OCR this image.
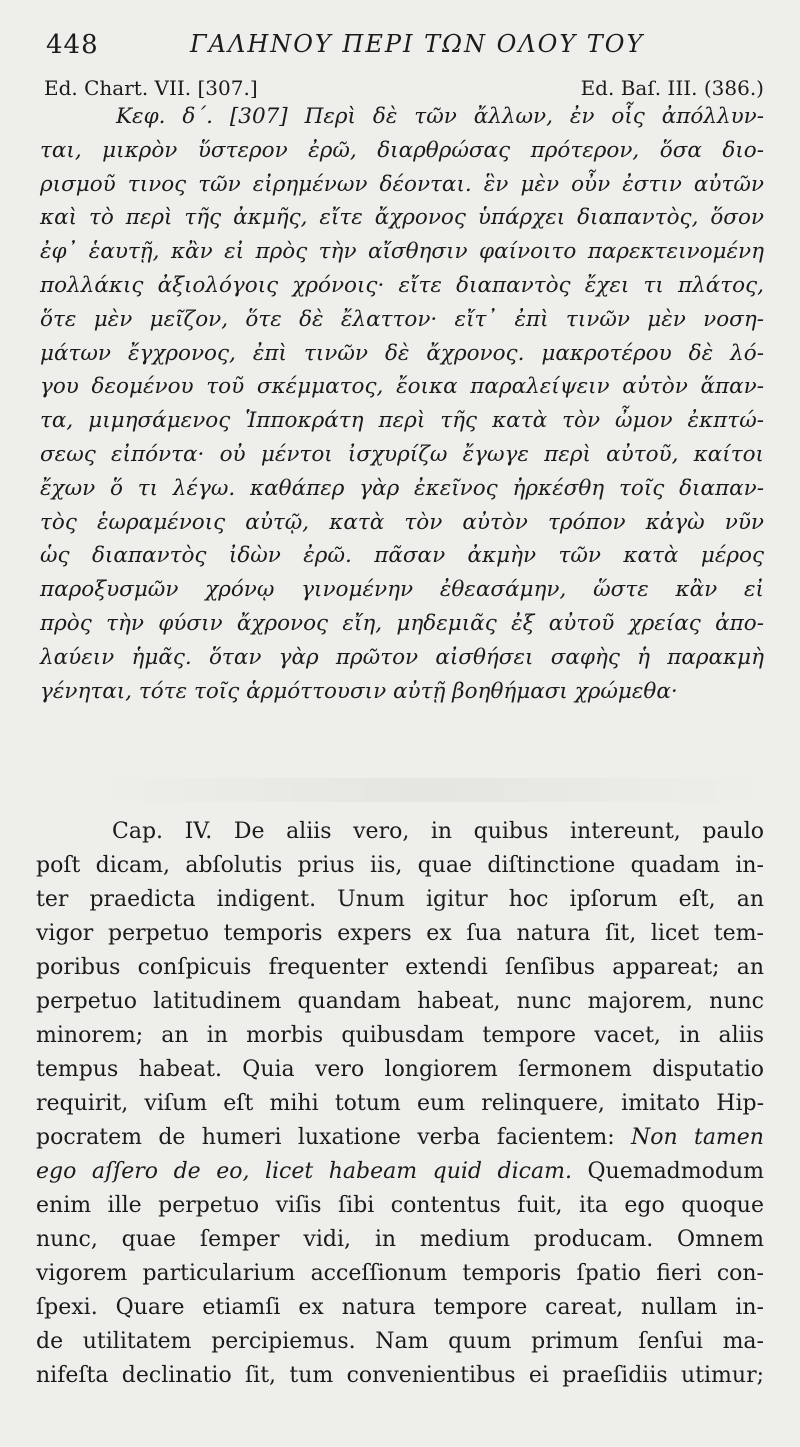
448	ΓΑΛΗΝΟΥ ΠΕΡΙ ΤΩΝ ΟΛΟΥ ΤΟΥ
Ed. Chart. VII. [307.]	Ed. Baſ. III. (386.)
Κεφ. δ΄. [307] Περὶ δὲ τῶν ἄλλων, ἐν οἷς ἀπόλλυν-
ται, μικρὸν ὕστερον ἐρῶ, διαρθρώσας πρότερον, ὅσα διο-
ρισμοῦ τινος τῶν εἰρημένων δέονται. ἓν μὲν οὖν ἐστιν αὐτῶν
καὶ τὸ περὶ τῆς ἀκμῆς, εἴτε ἄχρονος ὑπάρχει διαπαντὸς, ὅσον
ἐφ᾽ ἑαυτῇ, κἂν εἰ πρὸς τὴν αἴσθησιν φαίνοιτο παρεκτεινομένη
πολλάκις ἀξιολόγοις χρόνοις· εἴτε διαπαντὸς ἔχει τι πλάτος,
ὅτε μὲν μεῖζον, ὅτε δὲ ἔλαττον· εἴτ᾽ ἐπὶ τινῶν μὲν νοση-
μάτων ἔγχρονος, ἐπὶ τινῶν δὲ ἄχρονος. μακροτέρου δὲ λό-
γου δεομένου τοῦ σκέμματος, ἔοικα παραλείψειν αὐτὸν ἅπαν-
τα, μιμησάμενος Ἱπποκράτη περὶ τῆς κατὰ τὸν ὦμον ἐκπτώ-
σεως εἰπόντα· οὐ μέντοι ἰσχυρίζω ἔγωγε περὶ αὐτοῦ, καίτοι
ἔχων ὅ τι λέγω. καθάπερ γὰρ ἐκεῖνος ἠρκέσθη τοῖς διαπαν-
τὸς ἑωραμένοις αὐτῷ, κατὰ τὸν αὐτὸν τρόπον κἀγὼ νῦν
ὡς διαπαντὸς ἰδὼν ἐρῶ. πᾶσαν ἀκμὴν τῶν κατὰ μέρος
παροξυσμῶν χρόνῳ γινομένην ἐθεασάμην, ὥστε κἂν εἰ
πρὸς τὴν φύσιν ἄχρονος εἴη, μηδεμιᾶς ἐξ αὐτοῦ χρείας ἀπο-
λαύειν ἡμᾶς. ὅταν γὰρ πρῶτον αἰσθήσει σαφὴς ἡ παρακμὴ
γένηται, τότε τοῖς ἁρμόττουσιν αὐτῇ βοηθήμασι χρώμεθα·
Cap. IV. De aliis vero, in quibus intereunt, paulo
poſt dicam, abſolutis prius iis, quae diſtinctione quadam in-
ter praedicta indigent. Unum igitur hoc ipſorum eſt, an
vigor perpetuo temporis expers ex ſua natura ſit, licet tem-
poribus conſpicuis frequenter extendi ſenſibus appareat; an
perpetuo latitudinem quandam habeat, nunc majorem, nunc
minorem; an in morbis quibusdam tempore vacet, in aliis
tempus habeat. Quia vero longiorem ſermonem disputatio
requirit, viſum eſt mihi totum eum relinquere, imitato Hip-
pocratem de humeri luxatione verba facientem: Non tamen
ego aſſero de eo, licet habeam quid dicam. Quemadmodum
enim ille perpetuo viſis ſibi contentus fuit, ita ego quoque
nunc, quae ſemper vidi, in medium producam. Omnem
vigorem particularium acceſſionum temporis ſpatio fieri con-
ſpexi. Quare etiamſi ex natura tempore careat, nullam in-
de utilitatem percipiemus. Nam quum primum ſenſui ma-
nifeſta declinatio ſit, tum convenientibus ei praeſidiis utimur;
